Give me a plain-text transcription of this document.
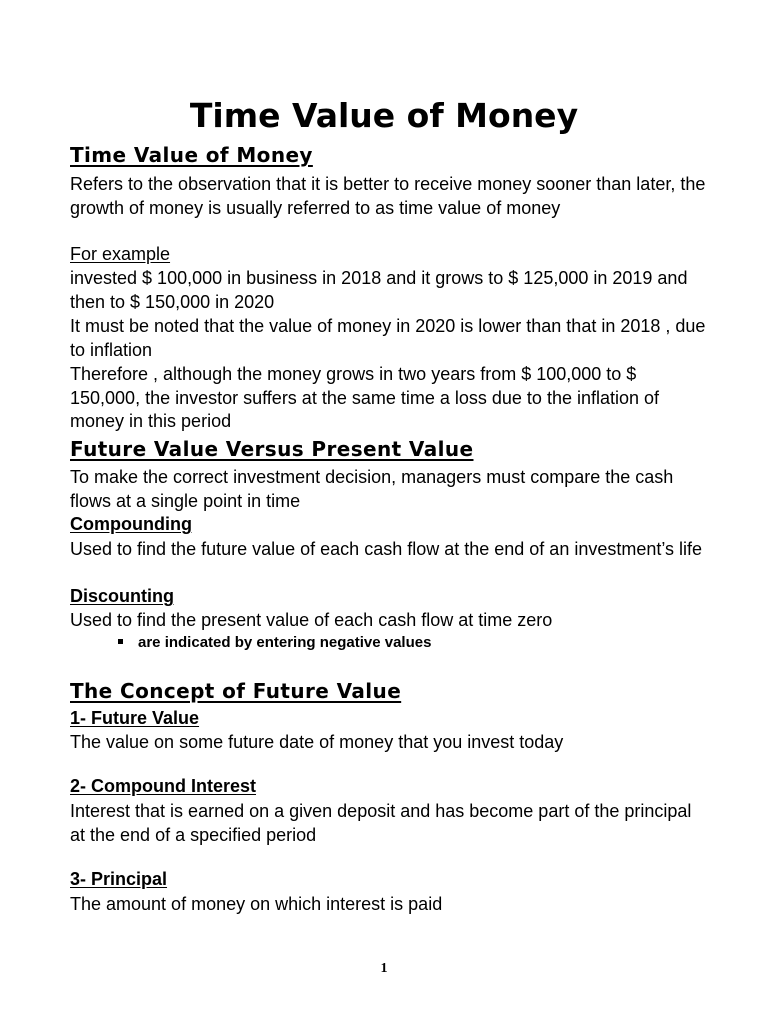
Time Value of Money
Time Value of Money

Refers to the observation that it is better to receive money sooner than later, the growth of money is usually referred to as time value of money

For example

invested $ 100,000 in business in 2018 and it grows to $ 125,000 in 2019 and then to $ 150,000 in 2020

It must be noted that the value of money in 2020 is lower than that in 2018 , due to inflation

Therefore , although the money grows in two years from $ 100,000 to $ 150,000, the investor suffers at the same time a loss due to the inflation of money in this period

Future Value Versus Present Value

To make the correct investment decision, managers must compare the cash flows at a single point in time

Compounding

Used to find the future value of each cash flow at the end of an investment’s life

Discounting

Used to find the present value of each cash flow at time zero

The Concept of Future Value
1- Future Value

The value on some future date of money that you invest today

2- Compound Interest

Interest that is earned on a given deposit and has become part of the principal at the end of a specified period

3- Principal

The amount of money on which interest is paid

are indicated by entering negative values
1
